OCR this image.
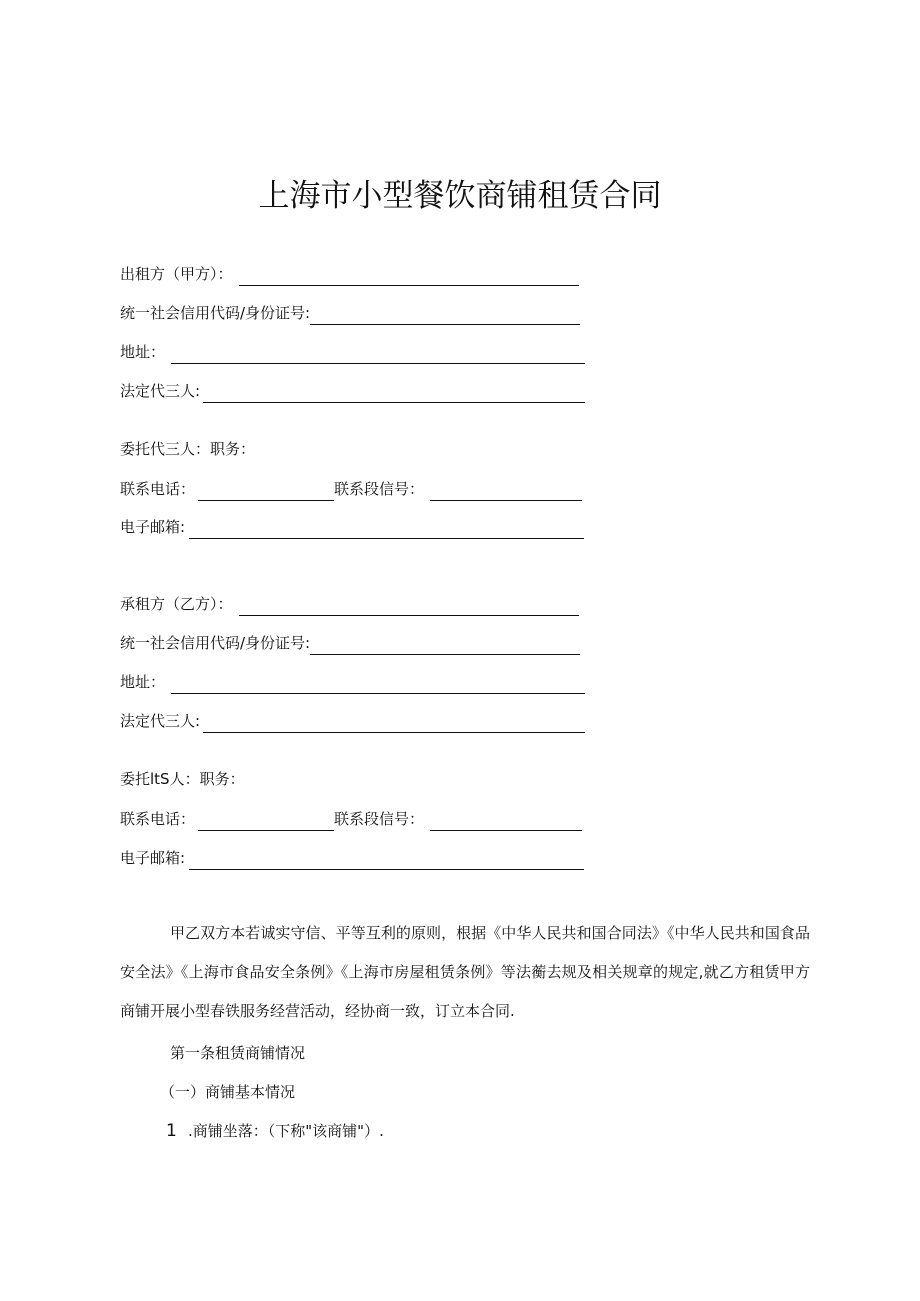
上海市小型餐饮商铺租赁合同
出租方（甲方）：
统一社会信用代码/身份证号:
地址：
法定代三人:
委托代三人：职务：
联系电话：	联系段信号：
电子邮箱:
承租方（乙方）：
统一社会信用代码/身份证号:
地址：
法定代三人:
委托ltS人：职务：
联系电话：	联系段信号：
电子邮箱:
甲乙双方本若诚实守信、平等互利的原则，根据《中华人民共和国合同法》《中华人民共和国食品安全法》《上海市食品安全条例》《上海市房屋租赁条例》等法蘅去规及相关规章的规定,就乙方租赁甲方商铺开展小型春铁服务经营活动，经协商一致，订立本合同.
第一条租赁商铺情况
（一）商铺基本情况
1 .商铺坐落：（下称"该商铺"）.
